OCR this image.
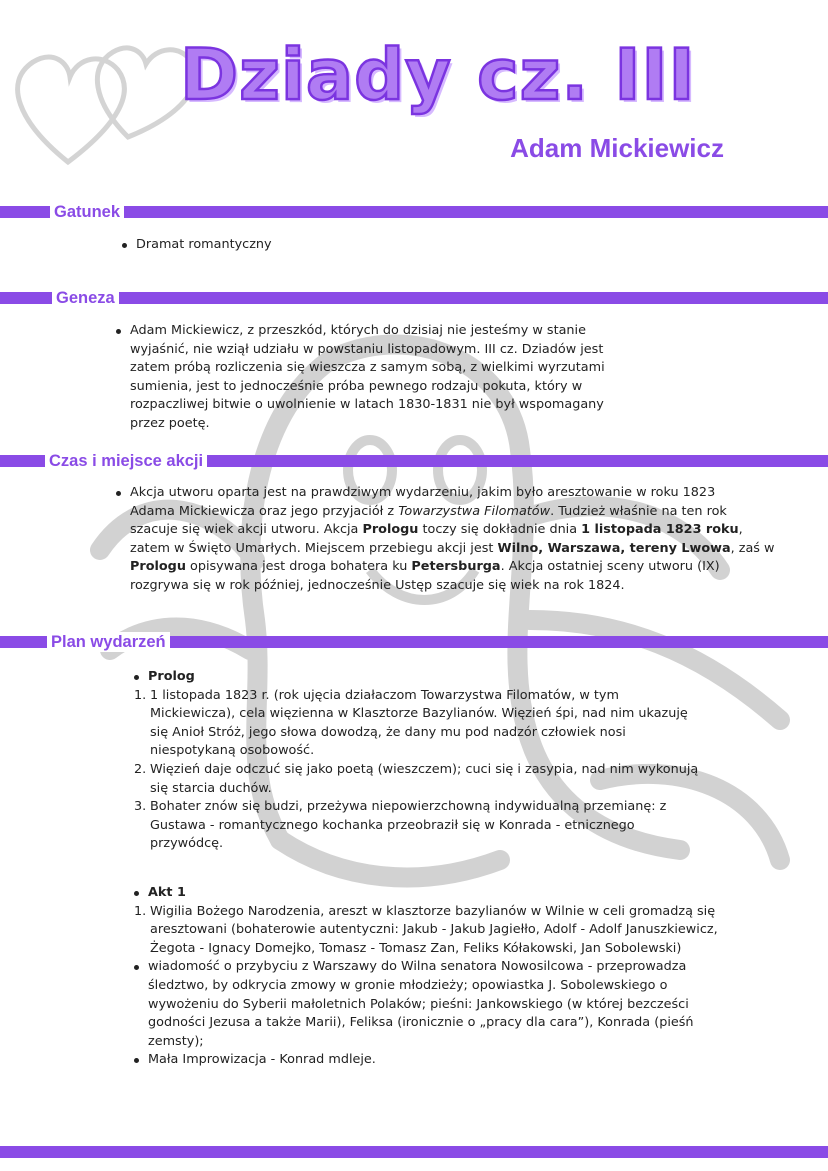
Dziady cz. III
Adam Mickiewicz
Gatunek
Dramat romantyczny
Geneza
Adam Mickiewicz, z przeszkód, których do dzisiaj nie jesteśmy w stanie
wyjaśnić, nie wziął udziału w powstaniu listopadowym. III cz. Dziadów jest
zatem próbą rozliczenia się wieszcza z samym sobą, z wielkimi wyrzutami
sumienia, jest to jednocześnie próba pewnego rodzaju pokuta, który w
rozpaczliwej bitwie o uwolnienie w latach 1830-1831 nie był wspomagany
przez poetę.
Czas i miejsce akcji
Akcja utworu oparta jest na prawdziwym wydarzeniu, jakim było aresztowanie w roku 1823
Adama Mickiewicza oraz jego przyjaciół z Towarzystwa Filomatów. Tudzież właśnie na ten rok
szacuje się wiek akcji utworu. Akcja Prologu toczy się dokładnie dnia 1 listopada 1823 roku,
zatem w Święto Umarłych. Miejscem przebiegu akcji jest Wilno, Warszawa, tereny Lwowa, zaś w
Prologu opisywana jest droga bohatera ku Petersburga. Akcja ostatniej sceny utworu (IX)
rozgrywa się w rok później, jednocześnie Ustęp szacuje się wiek na rok 1824.
Plan wydarzeń
Prolog
1. 1 listopada 1823 r. (rok ujęcia działaczom Towarzystwa Filomatów, w tym
Mickiewicza), cela więzienna w Klasztorze Bazylianów. Więzień śpi, nad nim ukazuję
się Anioł Stróż, jego słowa dowodzą, że dany mu pod nadzór człowiek nosi
niespotykaną osobowość.
2. Więzień daje odczuć się jako poetą (wieszczem); cuci się i zasypia, nad nim wykonują
się starcia duchów.
3. Bohater znów się budzi, przeżywa niepowierzchowną indywidualną przemianę: z
Gustawa - romantycznego kochanka przeobraził się w Konrada - etnicznego
przywódcę.
Akt 1
1. Wigilia Bożego Narodzenia, areszt w klasztorze bazylianów w Wilnie w celi gromadzą się
aresztowani (bohaterowie autentyczni: Jakub - Jakub Jagiełło, Adolf - Adolf Januszkiewicz,
Żegota - Ignacy Domejko, Tomasz - Tomasz Zan, Feliks Kółakowski, Jan Sobolewski)
wiadomość o przybyciu z Warszawy do Wilna senatora Nowosilcowa - przeprowadza
śledztwo, by odkrycia zmowy w gronie młodzieży; opowiastka J. Sobolewskiego o
wywożeniu do Syberii małoletnich Polaków; pieśni: Jankowskiego (w której bezcześci
godności Jezusa a także Marii), Feliksa (ironicznie o „pracy dla cara”), Konrada (pieśń
zemsty);
Mała Improwizacja - Konrad mdleje.
